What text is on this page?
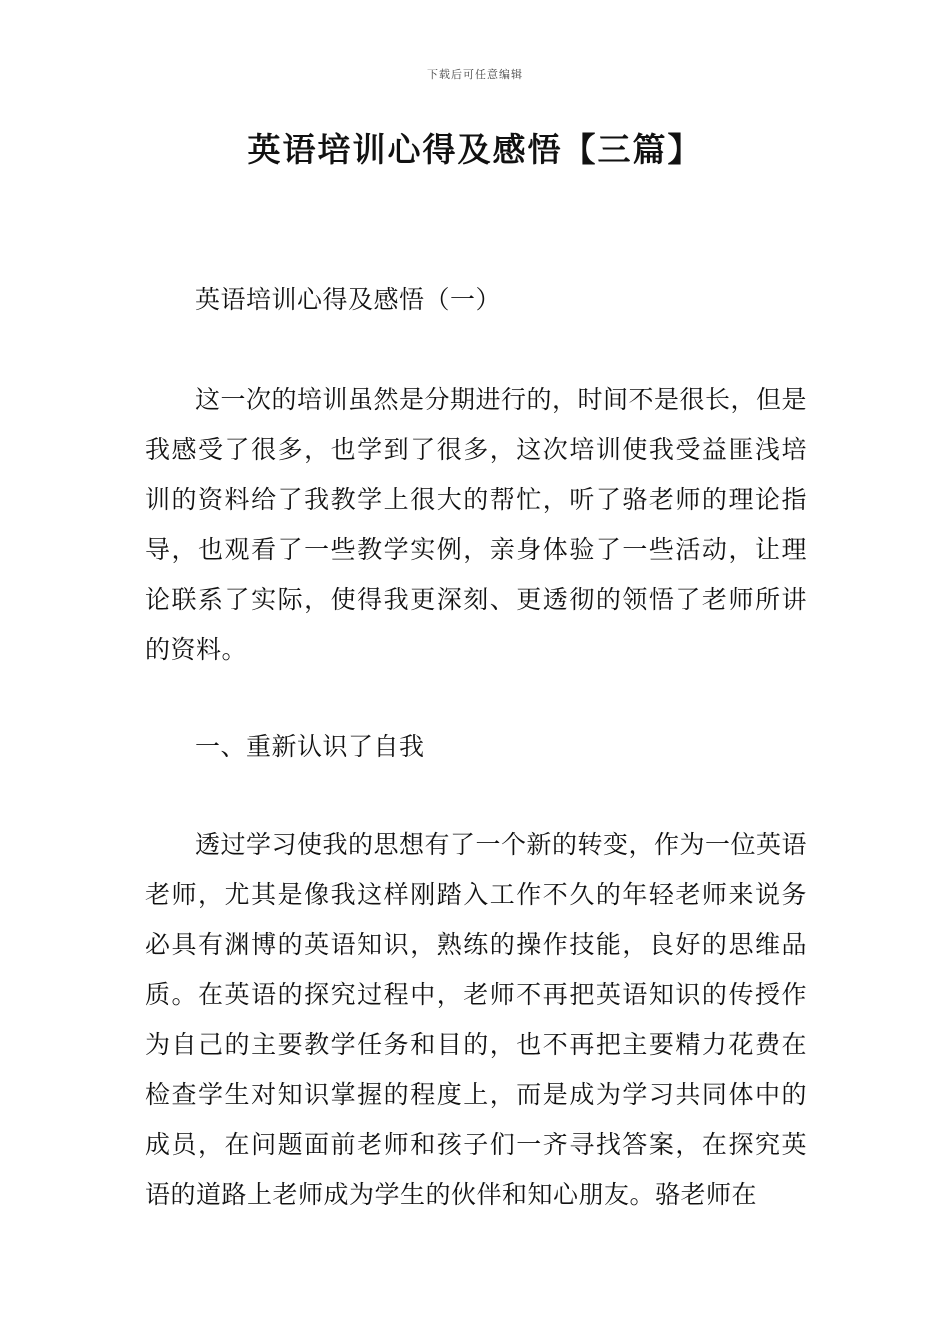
下载后可任意编辑
英语培训心得及感悟【三篇】

英语培训心得及感悟（一）

这一次的培训虽然是分期进行的，时间不是很长，但是我感受了很多，也学到了很多，这次培训使我受益匪浅培训的资料给了我教学上很大的帮忙，听了骆老师的理论指导，也观看了一些教学实例，亲身体验了一些活动，让理论联系了实际，使得我更深刻、更透彻的领悟了老师所讲的资料。

一、重新认识了自我

透过学习使我的思想有了一个新的转变，作为一位英语老师，尤其是像我这样刚踏入工作不久的年轻老师来说务必具有渊博的英语知识，熟练的操作技能，良好的思维品质。在英语的探究过程中，老师不再把英语知识的传授作为自己的主要教学任务和目的，也不再把主要精力花费在检查学生对知识掌握的程度上，而是成为学习共同体中的成员，在问题面前老师和孩子们一齐寻找答案，在探究英语的道路上老师成为学生的伙伴和知心朋友。骆老师在
